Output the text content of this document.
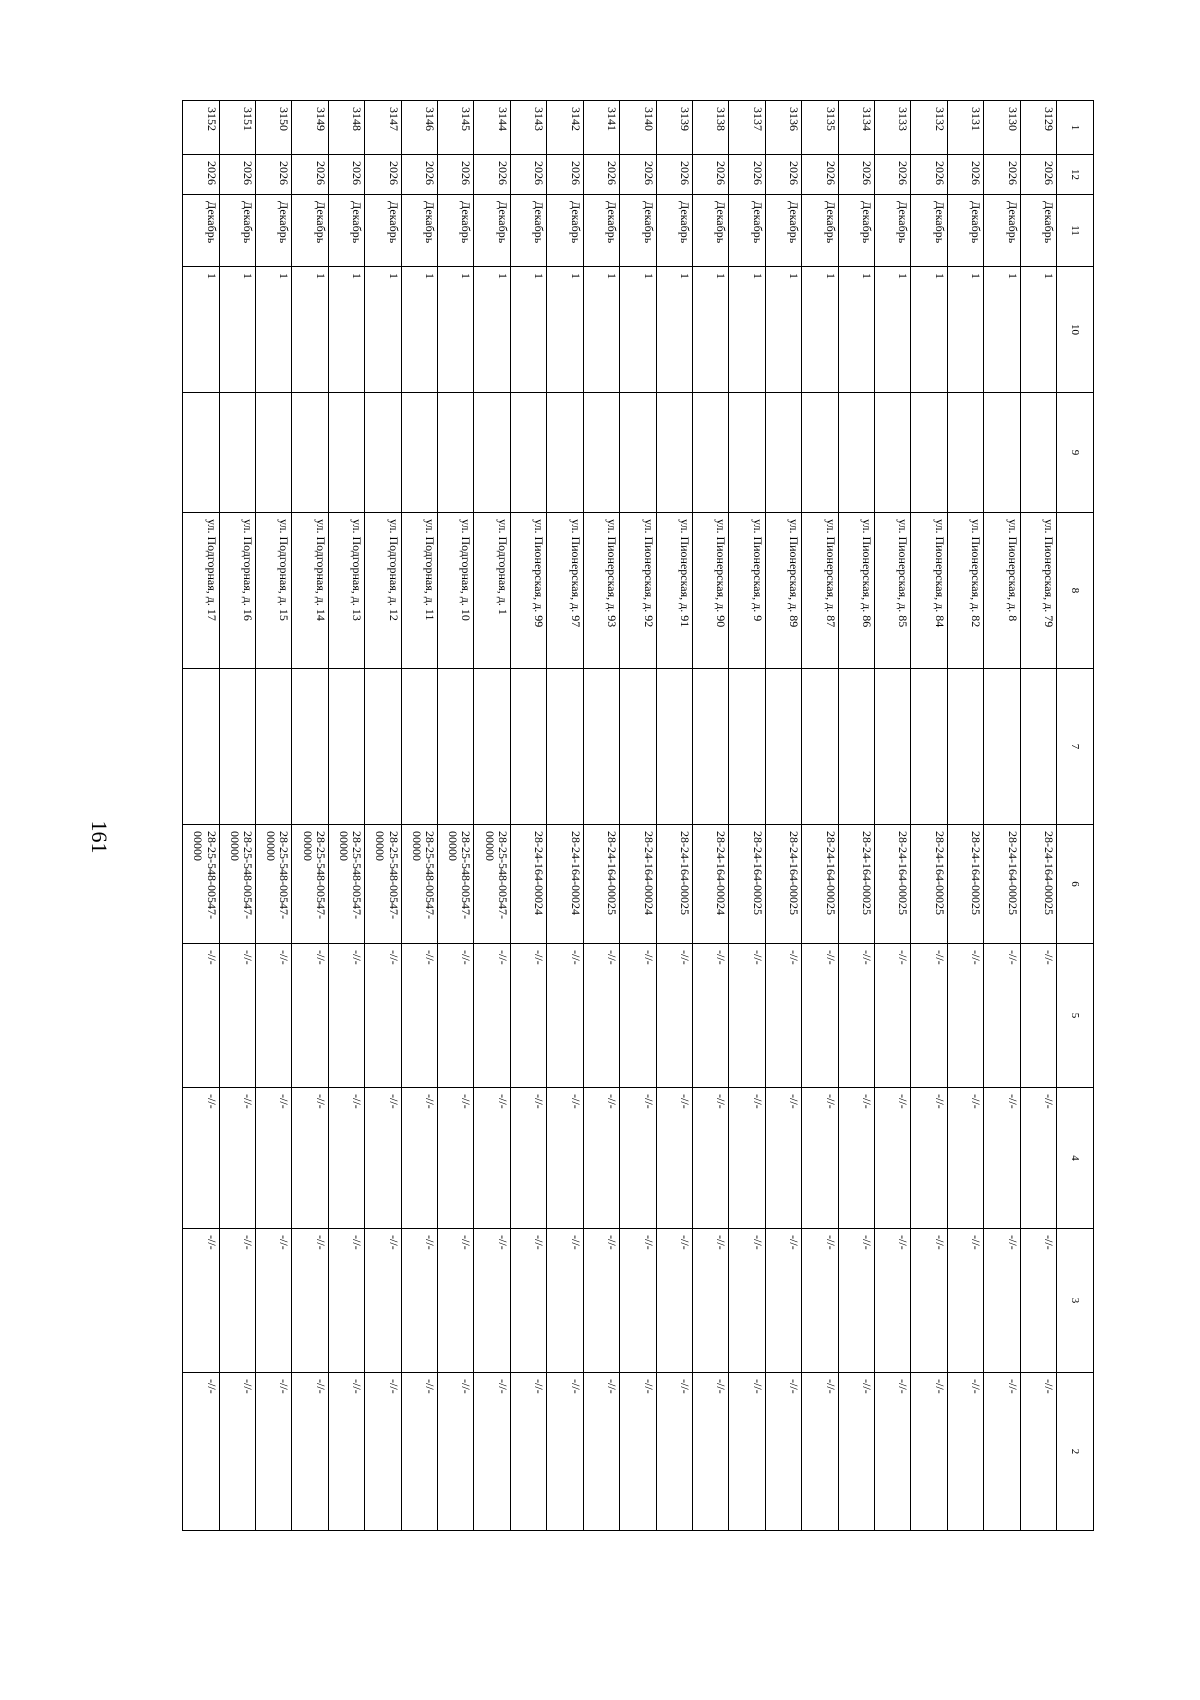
161
1	12	11	10	9	8	7	6	5	4	3	2
3129	2026	Декабрь	1		ул. Пионерская, д. 79		28-24-164-00025	-//-	-//-	-//-	-//-
3130	2026	Декабрь	1		ул. Пионерская, д. 8		28-24-164-00025	-//-	-//-	-//-	-//-
3131	2026	Декабрь	1		ул. Пионерская, д. 82		28-24-164-00025	-//-	-//-	-//-	-//-
3132	2026	Декабрь	1		ул. Пионерская, д. 84		28-24-164-00025	-//-	-//-	-//-	-//-
3133	2026	Декабрь	1		ул. Пионерская, д. 85		28-24-164-00025	-//-	-//-	-//-	-//-
3134	2026	Декабрь	1		ул. Пионерская, д. 86		28-24-164-00025	-//-	-//-	-//-	-//-
3135	2026	Декабрь	1		ул. Пионерская, д. 87		28-24-164-00025	-//-	-//-	-//-	-//-
3136	2026	Декабрь	1		ул. Пионерская, д. 89		28-24-164-00025	-//-	-//-	-//-	-//-
3137	2026	Декабрь	1		ул. Пионерская, д. 9		28-24-164-00025	-//-	-//-	-//-	-//-
3138	2026	Декабрь	1		ул. Пионерская, д. 90		28-24-164-00024	-//-	-//-	-//-	-//-
3139	2026	Декабрь	1		ул. Пионерская, д. 91		28-24-164-00025	-//-	-//-	-//-	-//-
3140	2026	Декабрь	1		ул. Пионерская, д. 92		28-24-164-00024	-//-	-//-	-//-	-//-
3141	2026	Декабрь	1		ул. Пионерская, д. 93		28-24-164-00025	-//-	-//-	-//-	-//-
3142	2026	Декабрь	1		ул. Пионерская, д. 97		28-24-164-00024	-//-	-//-	-//-	-//-
3143	2026	Декабрь	1		ул. Пионерская, д. 99		28-24-164-00024	-//-	-//-	-//-	-//-
3144	2026	Декабрь	1		ул. Подгорная, д. 1		28-25-548-00547-00000	-//-	-//-	-//-	-//-
3145	2026	Декабрь	1		ул. Подгорная, д. 10		28-25-548-00547-00000	-//-	-//-	-//-	-//-
3146	2026	Декабрь	1		ул. Подгорная, д. 11		28-25-548-00547-00000	-//-	-//-	-//-	-//-
3147	2026	Декабрь	1		ул. Подгорная, д. 12		28-25-548-00547-00000	-//-	-//-	-//-	-//-
3148	2026	Декабрь	1		ул. Подгорная, д. 13		28-25-548-00547-00000	-//-	-//-	-//-	-//-
3149	2026	Декабрь	1		ул. Подгорная, д. 14		28-25-548-00547-00000	-//-	-//-	-//-	-//-
3150	2026	Декабрь	1		ул. Подгорная, д. 15		28-25-548-00547-00000	-//-	-//-	-//-	-//-
3151	2026	Декабрь	1		ул. Подгорная, д. 16		28-25-548-00547-00000	-//-	-//-	-//-	-//-
3152	2026	Декабрь	1		ул. Подгорная, д. 17		28-25-548-00547-00000	-//-	-//-	-//-	-//-
